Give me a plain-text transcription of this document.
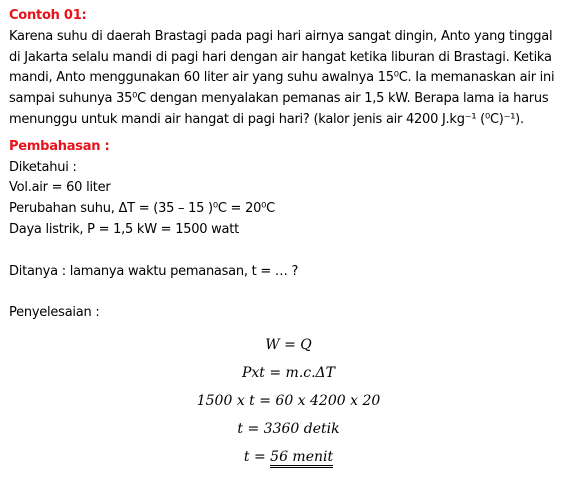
Contoh 01:

Karena suhu di daerah Brastagi pada pagi hari airnya sangat dingin, Anto yang tinggal
di Jakarta selalu mandi di pagi hari dengan air hangat ketika liburan di Brastagi. Ketika
mandi, Anto menggunakan 60 liter air yang suhu awalnya 15⁰C. Ia memanaskan air ini
sampai suhunya 35⁰C dengan menyalakan pemanas air 1,5 kW. Berapa lama ia harus
menunggu untuk mandi air hangat di pagi hari? (kalor jenis air 4200 J.kg⁻¹ (⁰C)⁻¹).

Pembahasan :

Diketahui :
Vol.air = 60 liter
Perubahan suhu, ΔT = (35 – 15 )⁰C = 20⁰C
Daya listrik, P = 1,5 kW = 1500 watt
Ditanya : lamanya waktu pemanasan, t = … ?
Penyelesaian :
W = Q
Pxt = m.c.ΔT
1500 x t = 60 x 4200 x 20
t = 3360 detik
t = 56 menit
